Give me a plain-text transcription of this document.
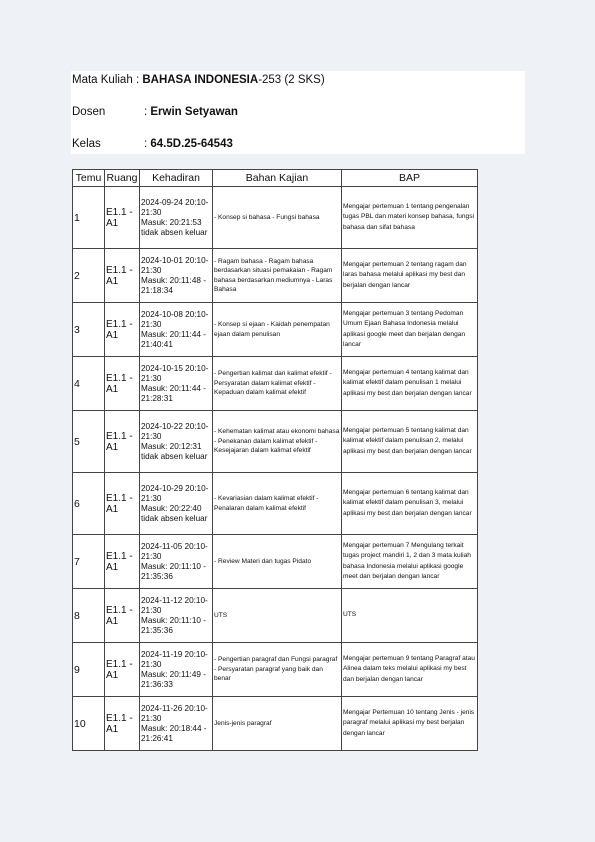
Mata Kuliah : BAHASA INDONESIA-253 (2 SKS)
Dosen	: Erwin Setyawan
Kelas	: 64.5D.25-64543
Temu	Ruang	Kehadiran	Bahan Kajian	BAP
1	E1.1 - A1	2024-09-24 20:10-21:30
Masuk: 20:21:53
tidak absen keluar	- Konsep si bahasa - Fungsi bahasa	Mengajar pertemuan 1 tentang pengenalan tugas PBL dan materi konsep bahasa, fungsi bahasa dan sifat bahasa
2	E1.1 - A1	2024-10-01 20:10-21:30
Masuk: 20:11:48 - 21:18:34	- Ragam bahasa - Ragam bahasa berdasarkan situasi pemakaian - Ragam bahasa berdasarkan mediumnya - Laras Bahasa	Mengajar pertemuan 2 tentang ragam dan laras bahasa melalui aplikasi my best dan berjalan dengan lancar
3	E1.1 - A1	2024-10-08 20:10-21:30
Masuk: 20:11:44 - 21:40:41	- Konsep si ejaan - Kaidah penempatan ejaan dalam penulisan	Mengajar pertemuan 3 tentang Pedoman Umum Ejaan Bahasa Indonesia melalui aplikasi google meet dan berjalan dengan lancar
4	E1.1 - A1	2024-10-15 20:10-21:30
Masuk: 20:11:44 - 21:28:31	- Pengertian kalimat dan kalimat efektif - Persyaratan dalam kalimat efektif - Kepaduan dalam kalimat efektif	Mengajar pertemuan 4 tentang kalimat dan kalimat efektif dalam penulisan 1 melalui aplikasi my best dan berjalan dengan lancar
5	E1.1 - A1	2024-10-22 20:10-21:30
Masuk: 20:12:31
tidak absen keluar	- Kehematan kalimat atau ekonomi bahasa - Penekanan dalam kalimat efektif - Kesejajaran dalam kalimat efektif	Mengajar pertemuan 5 tentang kalimat dan kalimat efektif dalam penulisan 2, melalui aplikasi my best dan berjalan dengan lancar
6	E1.1 - A1	2024-10-29 20:10-21:30
Masuk: 20:22:40
tidak absen keluar	- Kevariasian dalam kalimat efektif - Penalaran dalam kalimat efektif	Mengajar pertemuan 6 tentang kalimat dan kalimat efektif dalam penulisan 3, melalui aplikasi my best dan berjalan dengan lancar
7	E1.1 - A1	2024-11-05 20:10-21:30
Masuk: 20:11:10 - 21:35:36	- Review Materi dan tugas Pidato	Mengajar pertemuan 7 Mengulang terkait tugas project mandiri 1, 2 dan 3 mata kuliah bahasa Indonesia melalui aplikasi google meet dan berjalan dengan lancar
8	E1.1 - A1	2024-11-12 20:10-21:30
Masuk: 20:11:10 - 21:35:36	UTS	UTS
9	E1.1 - A1	2024-11-19 20:10-21:30
Masuk: 20:11:49 - 21:36:33	- Pengertian paragraf dan Fungsi paragraf - Persyaratan paragraf yang baik dan benar	Mengajar pertemuan 9 tentang Paragraf atau Alinea dalam teks melalui aplikasi my best dan berjalan dengan lancar
10	E1.1 - A1	2024-11-26 20:10-21:30
Masuk: 20:18:44 - 21:26:41	Jenis-jenis paragraf	Mengajar Pertemuan 10 tentang Jenis - jenis paragraf melalui aplikasi my best berjalan dengan lancar
